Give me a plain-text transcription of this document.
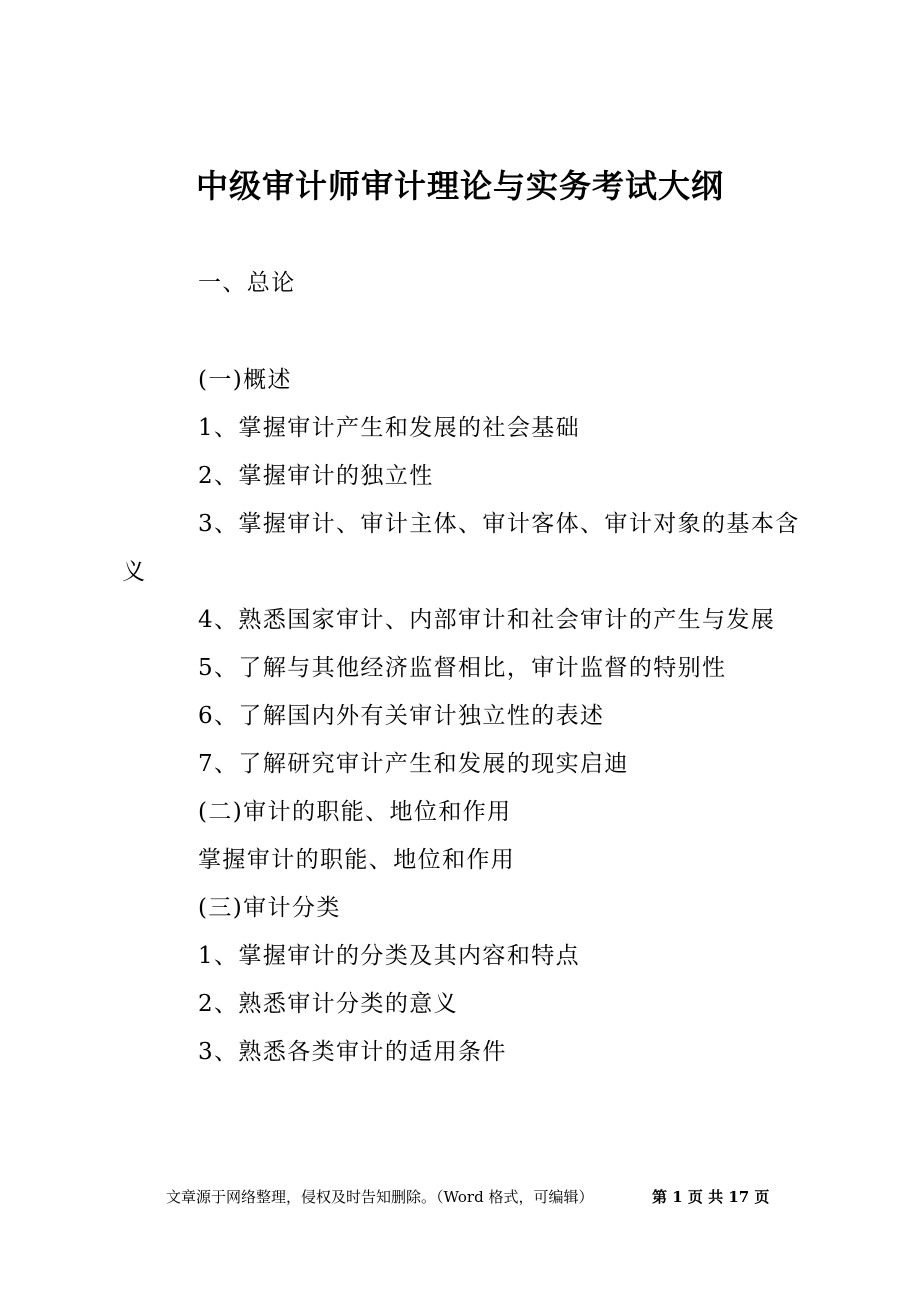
中级审计师审计理论与实务考试大纲
一、总论
(一)概述
1、掌握审计产生和发展的社会基础
2、掌握审计的独立性
3、掌握审计、审计主体、审计客体、审计对象的基本含
义
4、熟悉国家审计、内部审计和社会审计的产生与发展
5、了解与其他经济监督相比，审计监督的特别性
6、了解国内外有关审计独立性的表述
7、了解研究审计产生和发展的现实启迪
(二)审计的职能、地位和作用
掌握审计的职能、地位和作用
(三)审计分类
1、掌握审计的分类及其内容和特点
2、熟悉审计分类的意义
3、熟悉各类审计的适用条件
文章源于网络整理，侵权及时告知删除。（Word 格式，可编辑）	第 1 页 共 17 页
